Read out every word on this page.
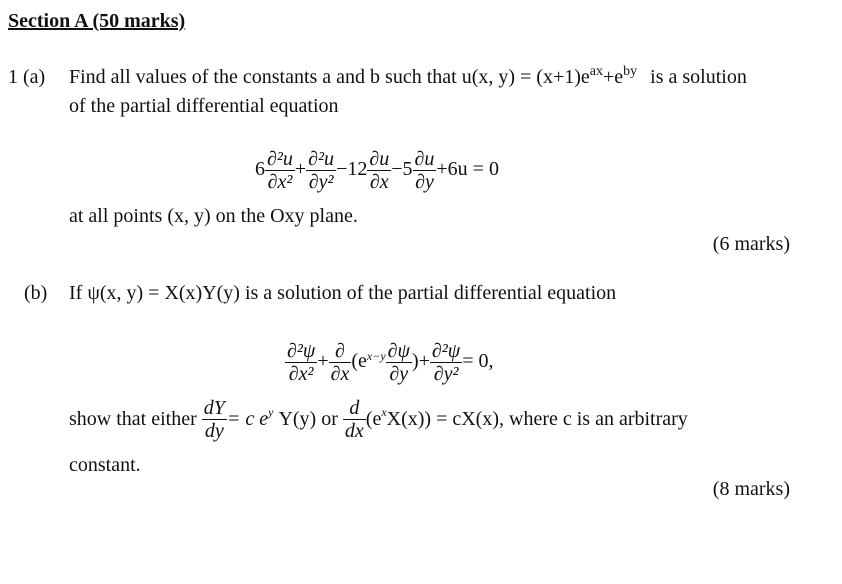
Section A (50 marks)
1 (a) Find all values of the constants a and b such that u(x, $y) = (x+1)e^{ax}+e^{by}$ is a solution
of the partial differential equation
$6 \frac{\text{∂²u}}{\text{∂x²}} + \frac{\text{∂²u}}{\text{∂y²}} -12 \frac{\partial u}{\partial x} -5 \frac{\partial u}{\partial y} +6u = 0$
at all points (x, y) on the Oxy plane.
(6 marks)
(b) If ψ(x, y) = X(x)Y(y) is a solution of the partial differential equation
$\frac{\text{∂²ψ}}{\text{∂x²}} + \frac{\partial}{\partial x} (e^{x-y} \frac{\partial\psi}{\partial y}$ )+ $\frac{\text{∂²ψ}}{\text{∂y²}} = 0$,
show that either $\frac{dY}{dy} = c$ $e^y$ Y(y) or $\frac{d}{dx} (e^xX(x)) = cX(x)$, where c is an arbitrary
constant.
(8 marks)
